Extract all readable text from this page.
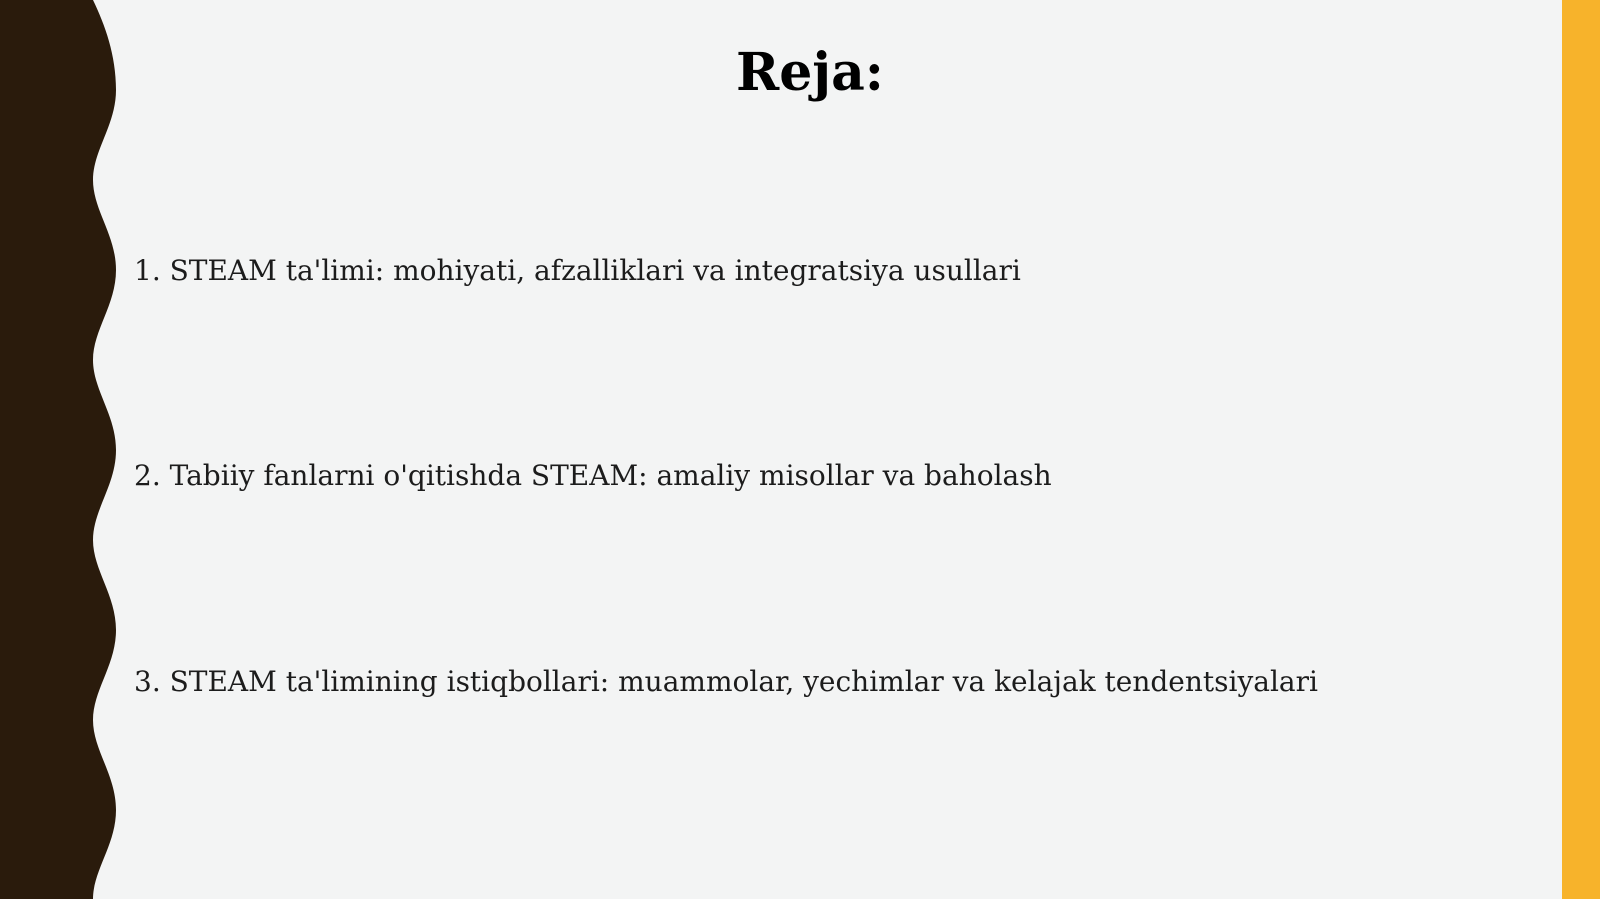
Reja:
1. STEAM ta'limi: mohiyati, afzalliklari va integratsiya usullari
2. Tabiiy fanlarni o'qitishda STEAM: amaliy misollar va baholash
3. STEAM ta'limining istiqbollari: muammolar, yechimlar va kelajak tendentsiyalari
